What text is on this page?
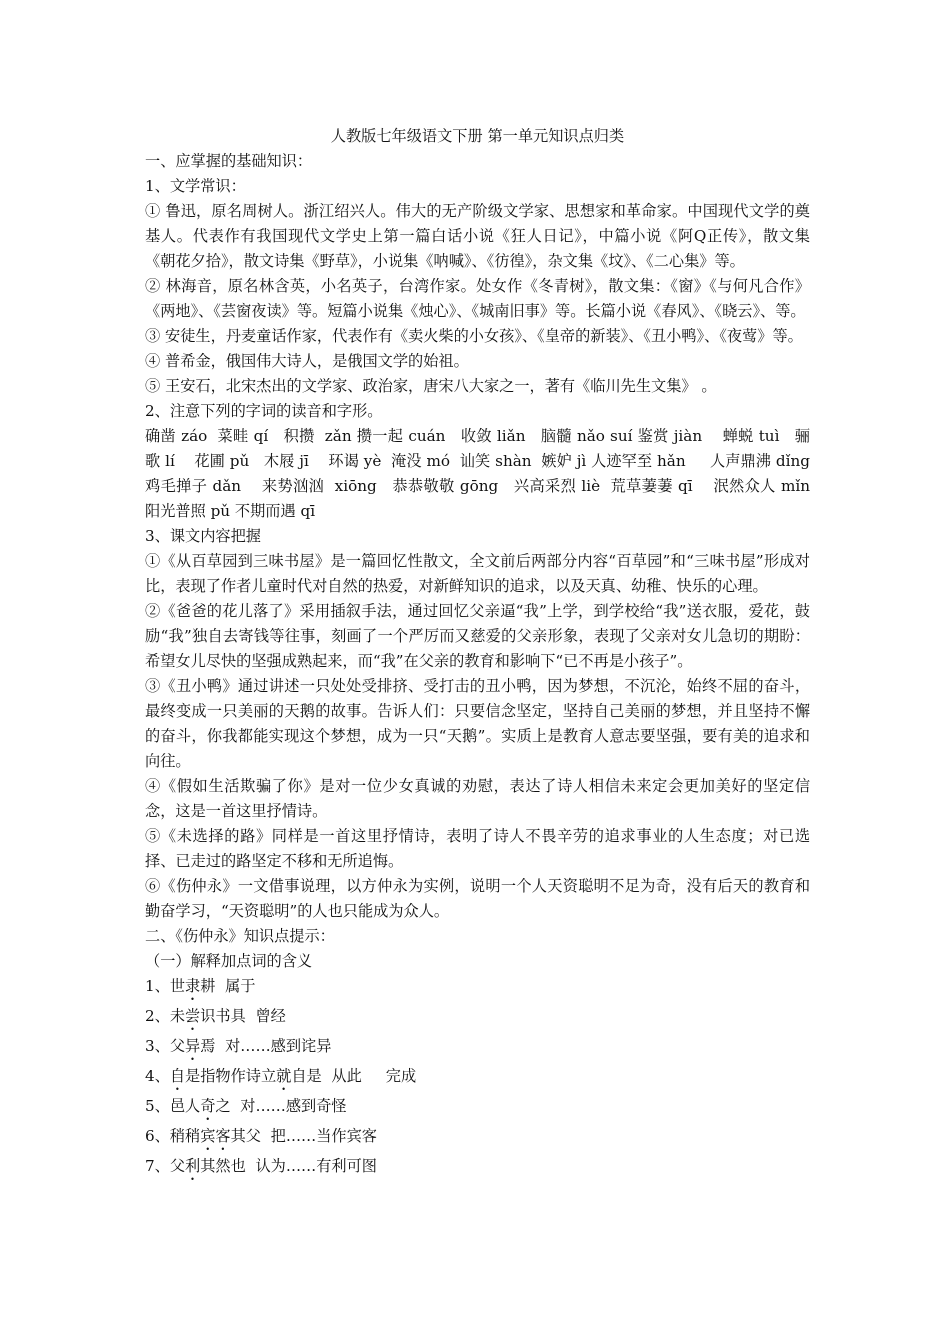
人教版七年级语文下册 第一单元知识点归类

一、应掌握的基础知识：

1、文学常识：

① 鲁迅，原名周树人。浙江绍兴人。伟大的无产阶级文学家、思想家和革命家。中国现代文学的奠基人。代表作有我国现代文学史上第一篇白话小说《狂人日记》，中篇小说《阿Q正传》，散文集《朝花夕拾》，散文诗集《野草》，小说集《呐喊》、《彷徨》，杂文集《坟》、《二心集》等。

② 林海音，原名林含英，小名英子，台湾作家。处女作《冬青树》，散文集：《窗》《与何凡合作》《两地》、《芸窗夜读》等。短篇小说集《烛心》、《城南旧事》等。长篇小说《春风》、《晓云》、等。

③ 安徒生，丹麦童话作家，代表作有《卖火柴的小女孩》、《皇帝的新装》、《丑小鸭》、《夜莺》等。

④ 普希金，俄国伟大诗人，是俄国文学的始祖。

⑤ 王安石，北宋杰出的文学家、政治家，唐宋八大家之一，著有《临川先生文集》 。

2、注意下列的字词的读音和字形。

确凿 záo  菜畦 qí   积攒  zǎn 攒一起 cuán   收敛 liǎn   脑髓 nǎo suí 鉴赏 jiàn    蝉蜕 tuì   骊歌 lí    花圃 pǔ   木屐 jī    环谒 yè  淹没 mó  讪笑 shàn  嫉妒 jì 人迹罕至 hǎn     人声鼎沸 dǐng    鸡毛掸子 dǎn    来势汹汹  xiōng   恭恭敬敬 gōng   兴高采烈 liè  荒草萋萋 qī    泯然众人 mǐn    阳光普照 pǔ 不期而遇 qī

3、课文内容把握

①《从百草园到三味书屋》是一篇回忆性散文，全文前后两部分内容“百草园”和“三味书屋”形成对比，表现了作者儿童时代对自然的热爱，对新鲜知识的追求，以及天真、幼稚、快乐的心理。

②《爸爸的花儿落了》采用插叙手法，通过回忆父亲逼“我”上学，到学校给“我”送衣服，爱花，鼓励“我”独自去寄钱等往事，刻画了一个严厉而又慈爱的父亲形象，表现了父亲对女儿急切的期盼：希望女儿尽快的坚强成熟起来，而“我”在父亲的教育和影响下“已不再是小孩子”。

③《丑小鸭》通过讲述一只处处受排挤、受打击的丑小鸭，因为梦想，不沉沦，始终不屈的奋斗，最终变成一只美丽的天鹅的故事。告诉人们：只要信念坚定，坚持自己美丽的梦想，并且坚持不懈的奋斗，你我都能实现这个梦想，成为一只“天鹅”。实质上是教育人意志要坚强，要有美的追求和向往。

④《假如生活欺骗了你》是对一位少女真诚的劝慰，表达了诗人相信未来定会更加美好的坚定信念，这是一首这里抒情诗。

⑤《未选择的路》同样是一首这里抒情诗，表明了诗人不畏辛劳的追求事业的人生态度；对已选择、已走过的路坚定不移和无所追悔。

⑥《伤仲永》一文借事说理，以方仲永为实例，说明一个人天资聪明不足为奇，没有后天的教育和勤奋学习，“天资聪明”的人也只能成为众人。

二、《伤仲永》知识点提示：

（一）解释加点词的含义

1、世隶耕 属于

2、未尝识书具 曾经

3、父异焉 对……感到诧异

4、自是指物作诗立就自是 从此 完成

5、邑人奇之 对……感到奇怪

6、稍稍宾客其父 把……当作宾客

7、父利其然也 认为……有利可图
